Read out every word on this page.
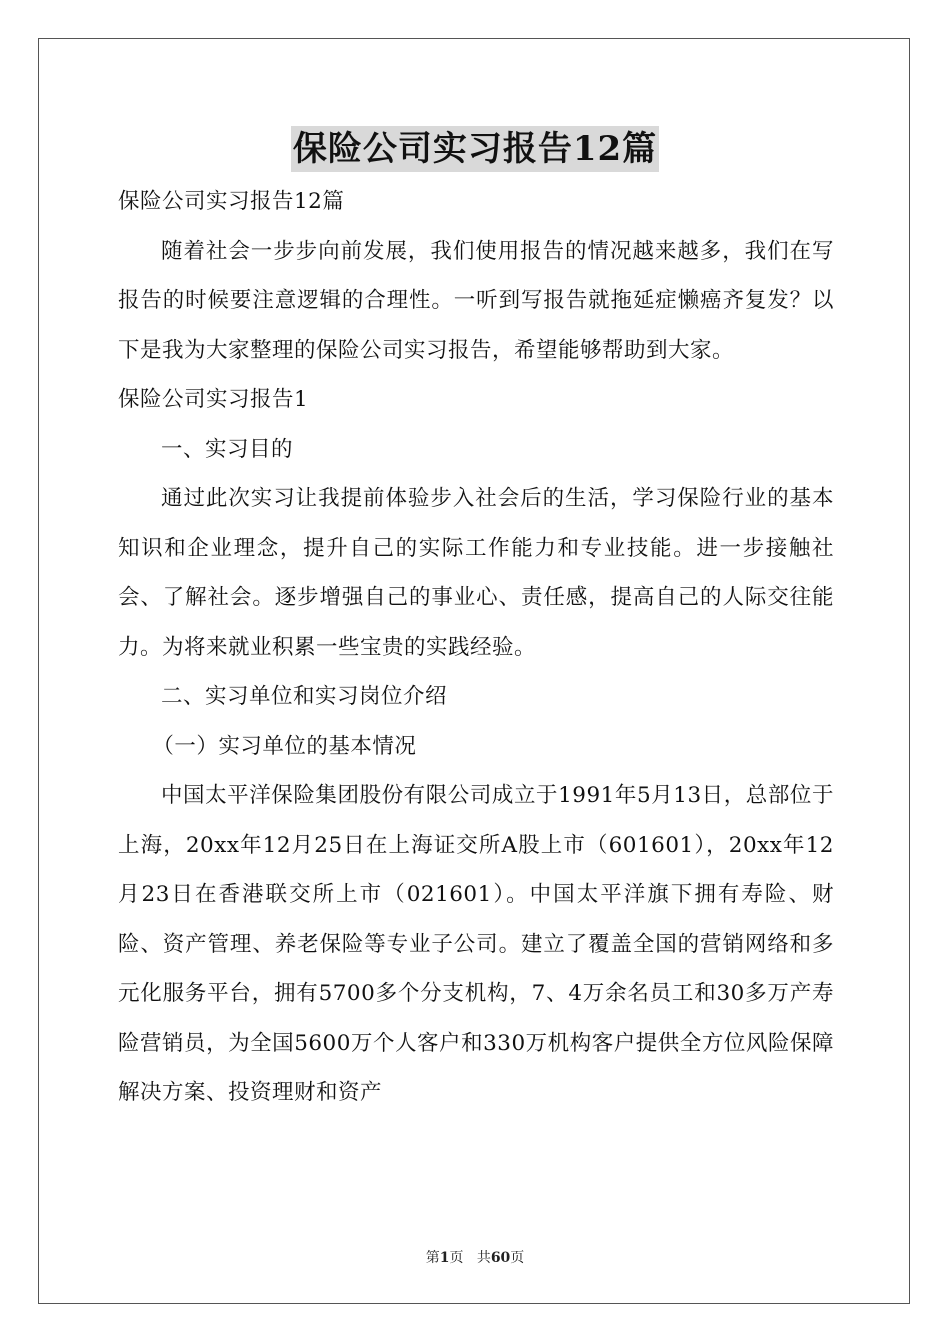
保险公司实习报告12篇

保险公司实习报告12篇

随着社会一步步向前发展，我们使用报告的情况越来越多，我们在写报告的时候要注意逻辑的合理性。一听到写报告就拖延症懒癌齐复发？以下是我为大家整理的保险公司实习报告，希望能够帮助到大家。

保险公司实习报告1

一、实习目的

通过此次实习让我提前体验步入社会后的生活，学习保险行业的基本知识和企业理念，提升自己的实际工作能力和专业技能。进一步接触社会、了解社会。逐步增强自己的事业心、责任感，提高自己的人际交往能力。为将来就业积累一些宝贵的实践经验。

二、实习单位和实习岗位介绍

（一）实习单位的基本情况

中国太平洋保险集团股份有限公司成立于1991年5月13日，总部位于上海，20xx年12月25日在上海证交所A股上市（601601），20xx年12月23日在香港联交所上市（021601）。中国太平洋旗下拥有寿险、财险、资产管理、养老保险等专业子公司。建立了覆盖全国的营销网络和多元化服务平台，拥有5700多个分支机构，7、4万余名员工和30多万产寿险营销员，为全国5600万个人客户和330万机构客户提供全方位风险保障解决方案、投资理财和资产

第1页 共60页
